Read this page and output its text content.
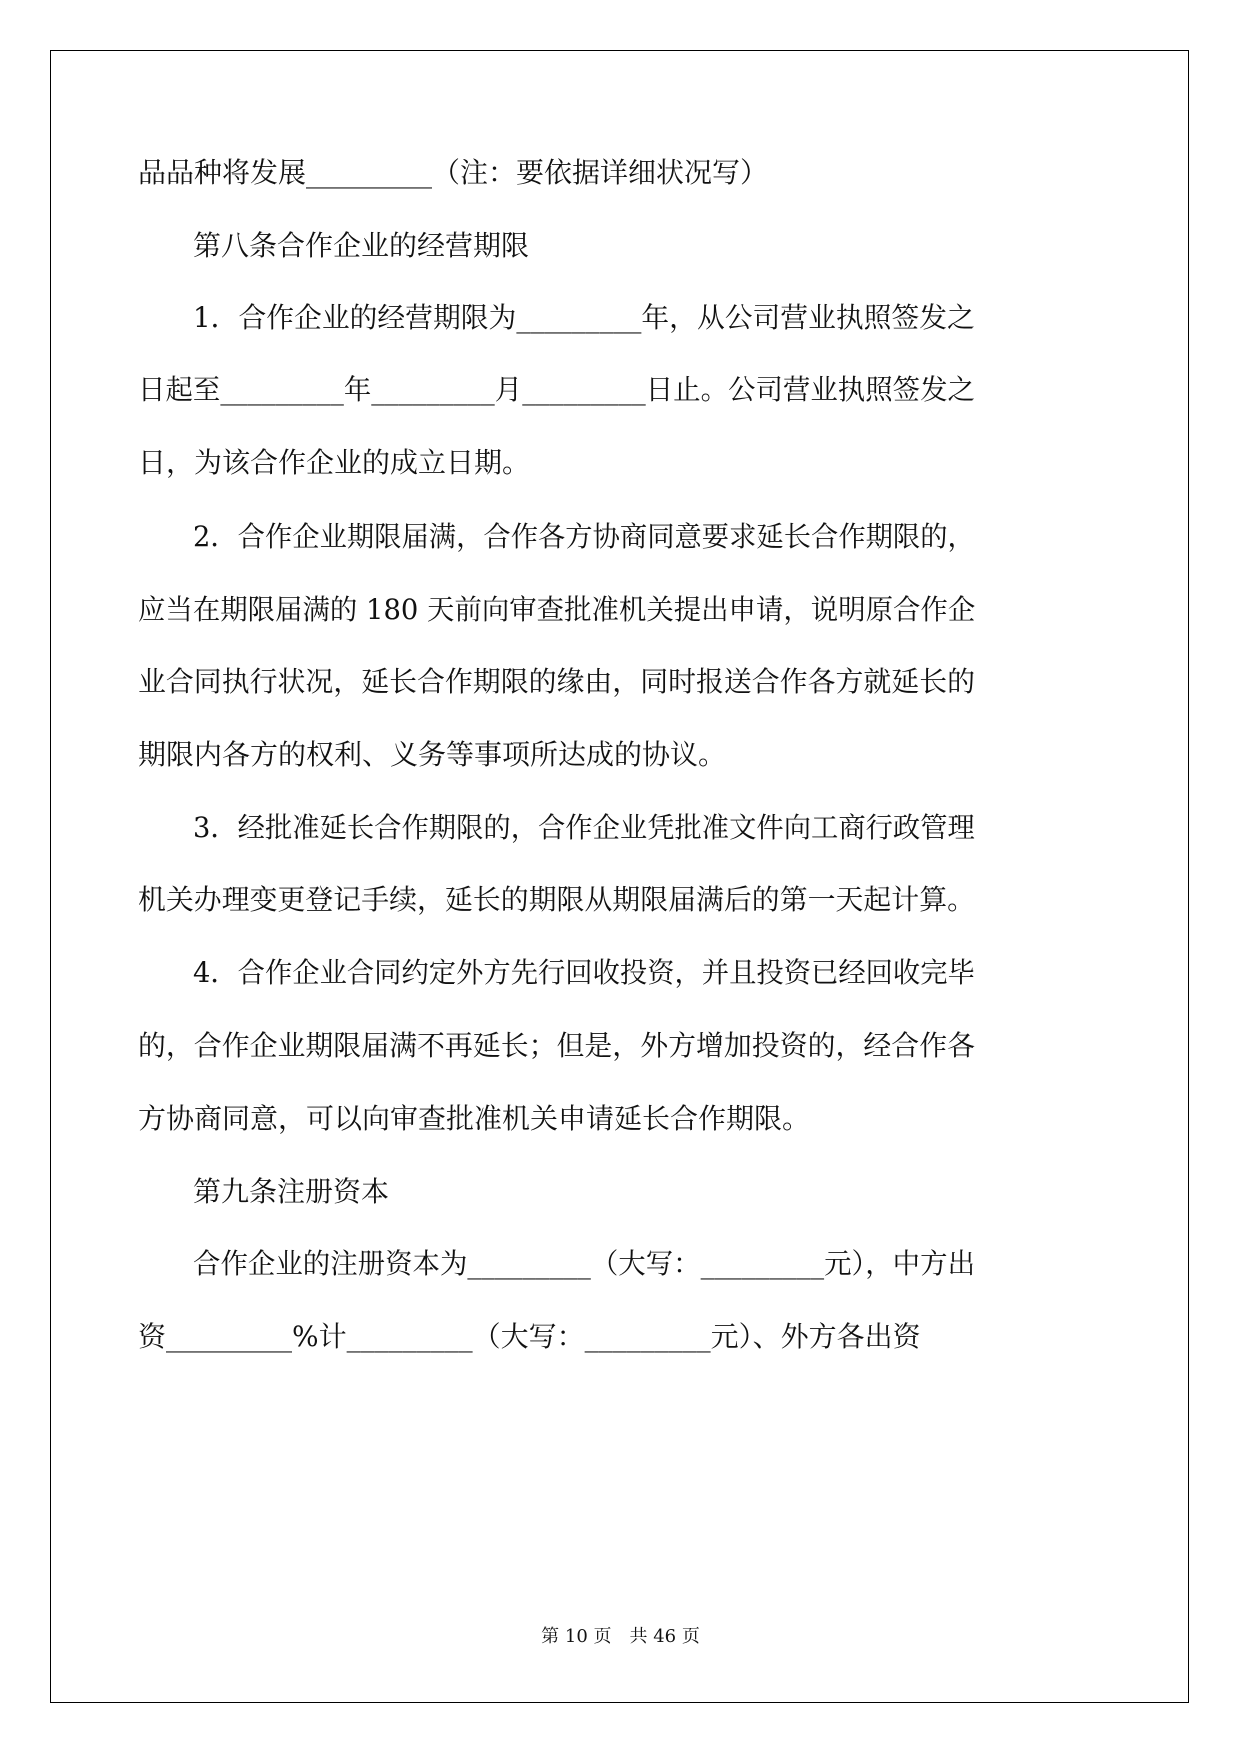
品品种将发展_________（注：要依据详细状况写）
第八条合作企业的经营期限
1．合作企业的经营期限为_________年，从公司营业执照签发之
日起至_________年_________月_________日止。公司营业执照签发之
日，为该合作企业的成立日期。
2．合作企业期限届满，合作各方协商同意要求延长合作期限的，
应当在期限届满的 180 天前向审查批准机关提出申请，说明原合作企
业合同执行状况，延长合作期限的缘由，同时报送合作各方就延长的
期限内各方的权利、义务等事项所达成的协议。
3．经批准延长合作期限的，合作企业凭批准文件向工商行政管理
机关办理变更登记手续，延长的期限从期限届满后的第一天起计算。
4．合作企业合同约定外方先行回收投资，并且投资已经回收完毕
的，合作企业期限届满不再延长；但是，外方增加投资的，经合作各
方协商同意，可以向审查批准机关申请延长合作期限。
第九条注册资本
合作企业的注册资本为_________（大写：_________元），中方出
资_________%计_________（大写：_________元）、外方各出资
第 10 页　共 46 页
